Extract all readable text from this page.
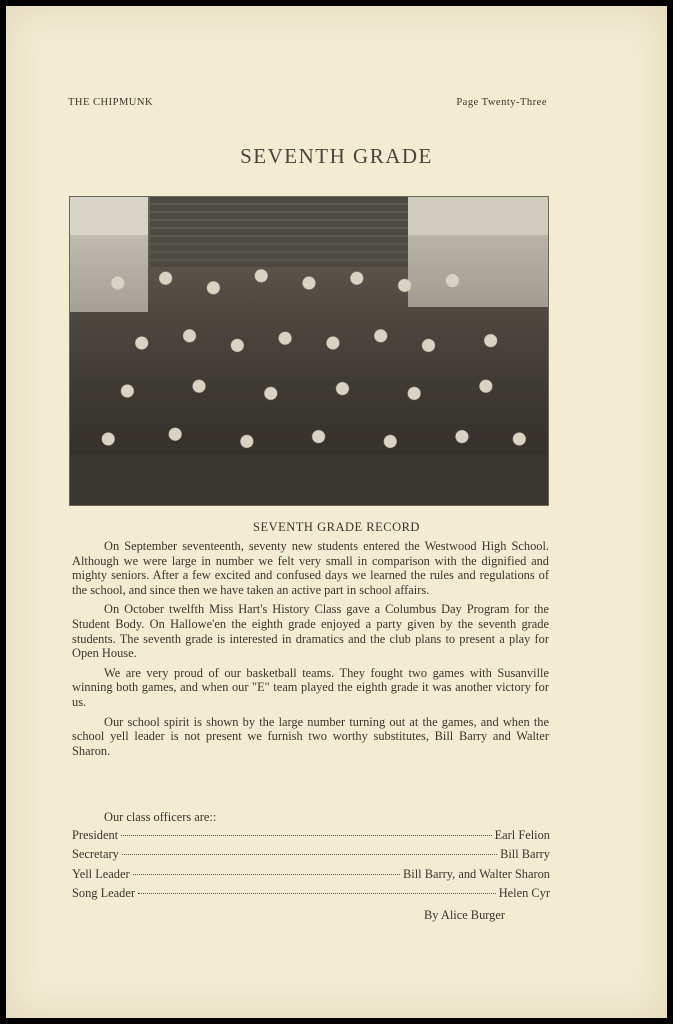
THE CHIPMUNK	Page Twenty-Three
SEVENTH GRADE
SEVENTH GRADE RECORD

On September seventeenth, seventy new students entered the Westwood High School. Although we were large in number we felt very small in comparison with the dignified and mighty seniors. After a few excited and confused days we learned the rules and regulations of the school, and since then we have taken an active part in school affairs.

On October twelfth Miss Hart's History Class gave a Columbus Day Program for the Student Body. On Hallowe'en the eighth grade enjoyed a party given by the seventh grade students. The seventh grade is interested in dramatics and the club plans to present a play for Open House.

We are very proud of our basketball teams. They fought two games with Susanville winning both games, and when our "E" team played the eighth grade it was another victory for us.

Our school spirit is shown by the large number turning out at the games, and when the school yell leader is not present we furnish two worthy substitutes, Bill Barry and Walter Sharon.

Our class officers are::
President	Earl Felion
Secretary	Bill Barry
Yell Leader	Bill Barry, and Walter Sharon
Song Leader	Helen Cyr
By Alice Burger
